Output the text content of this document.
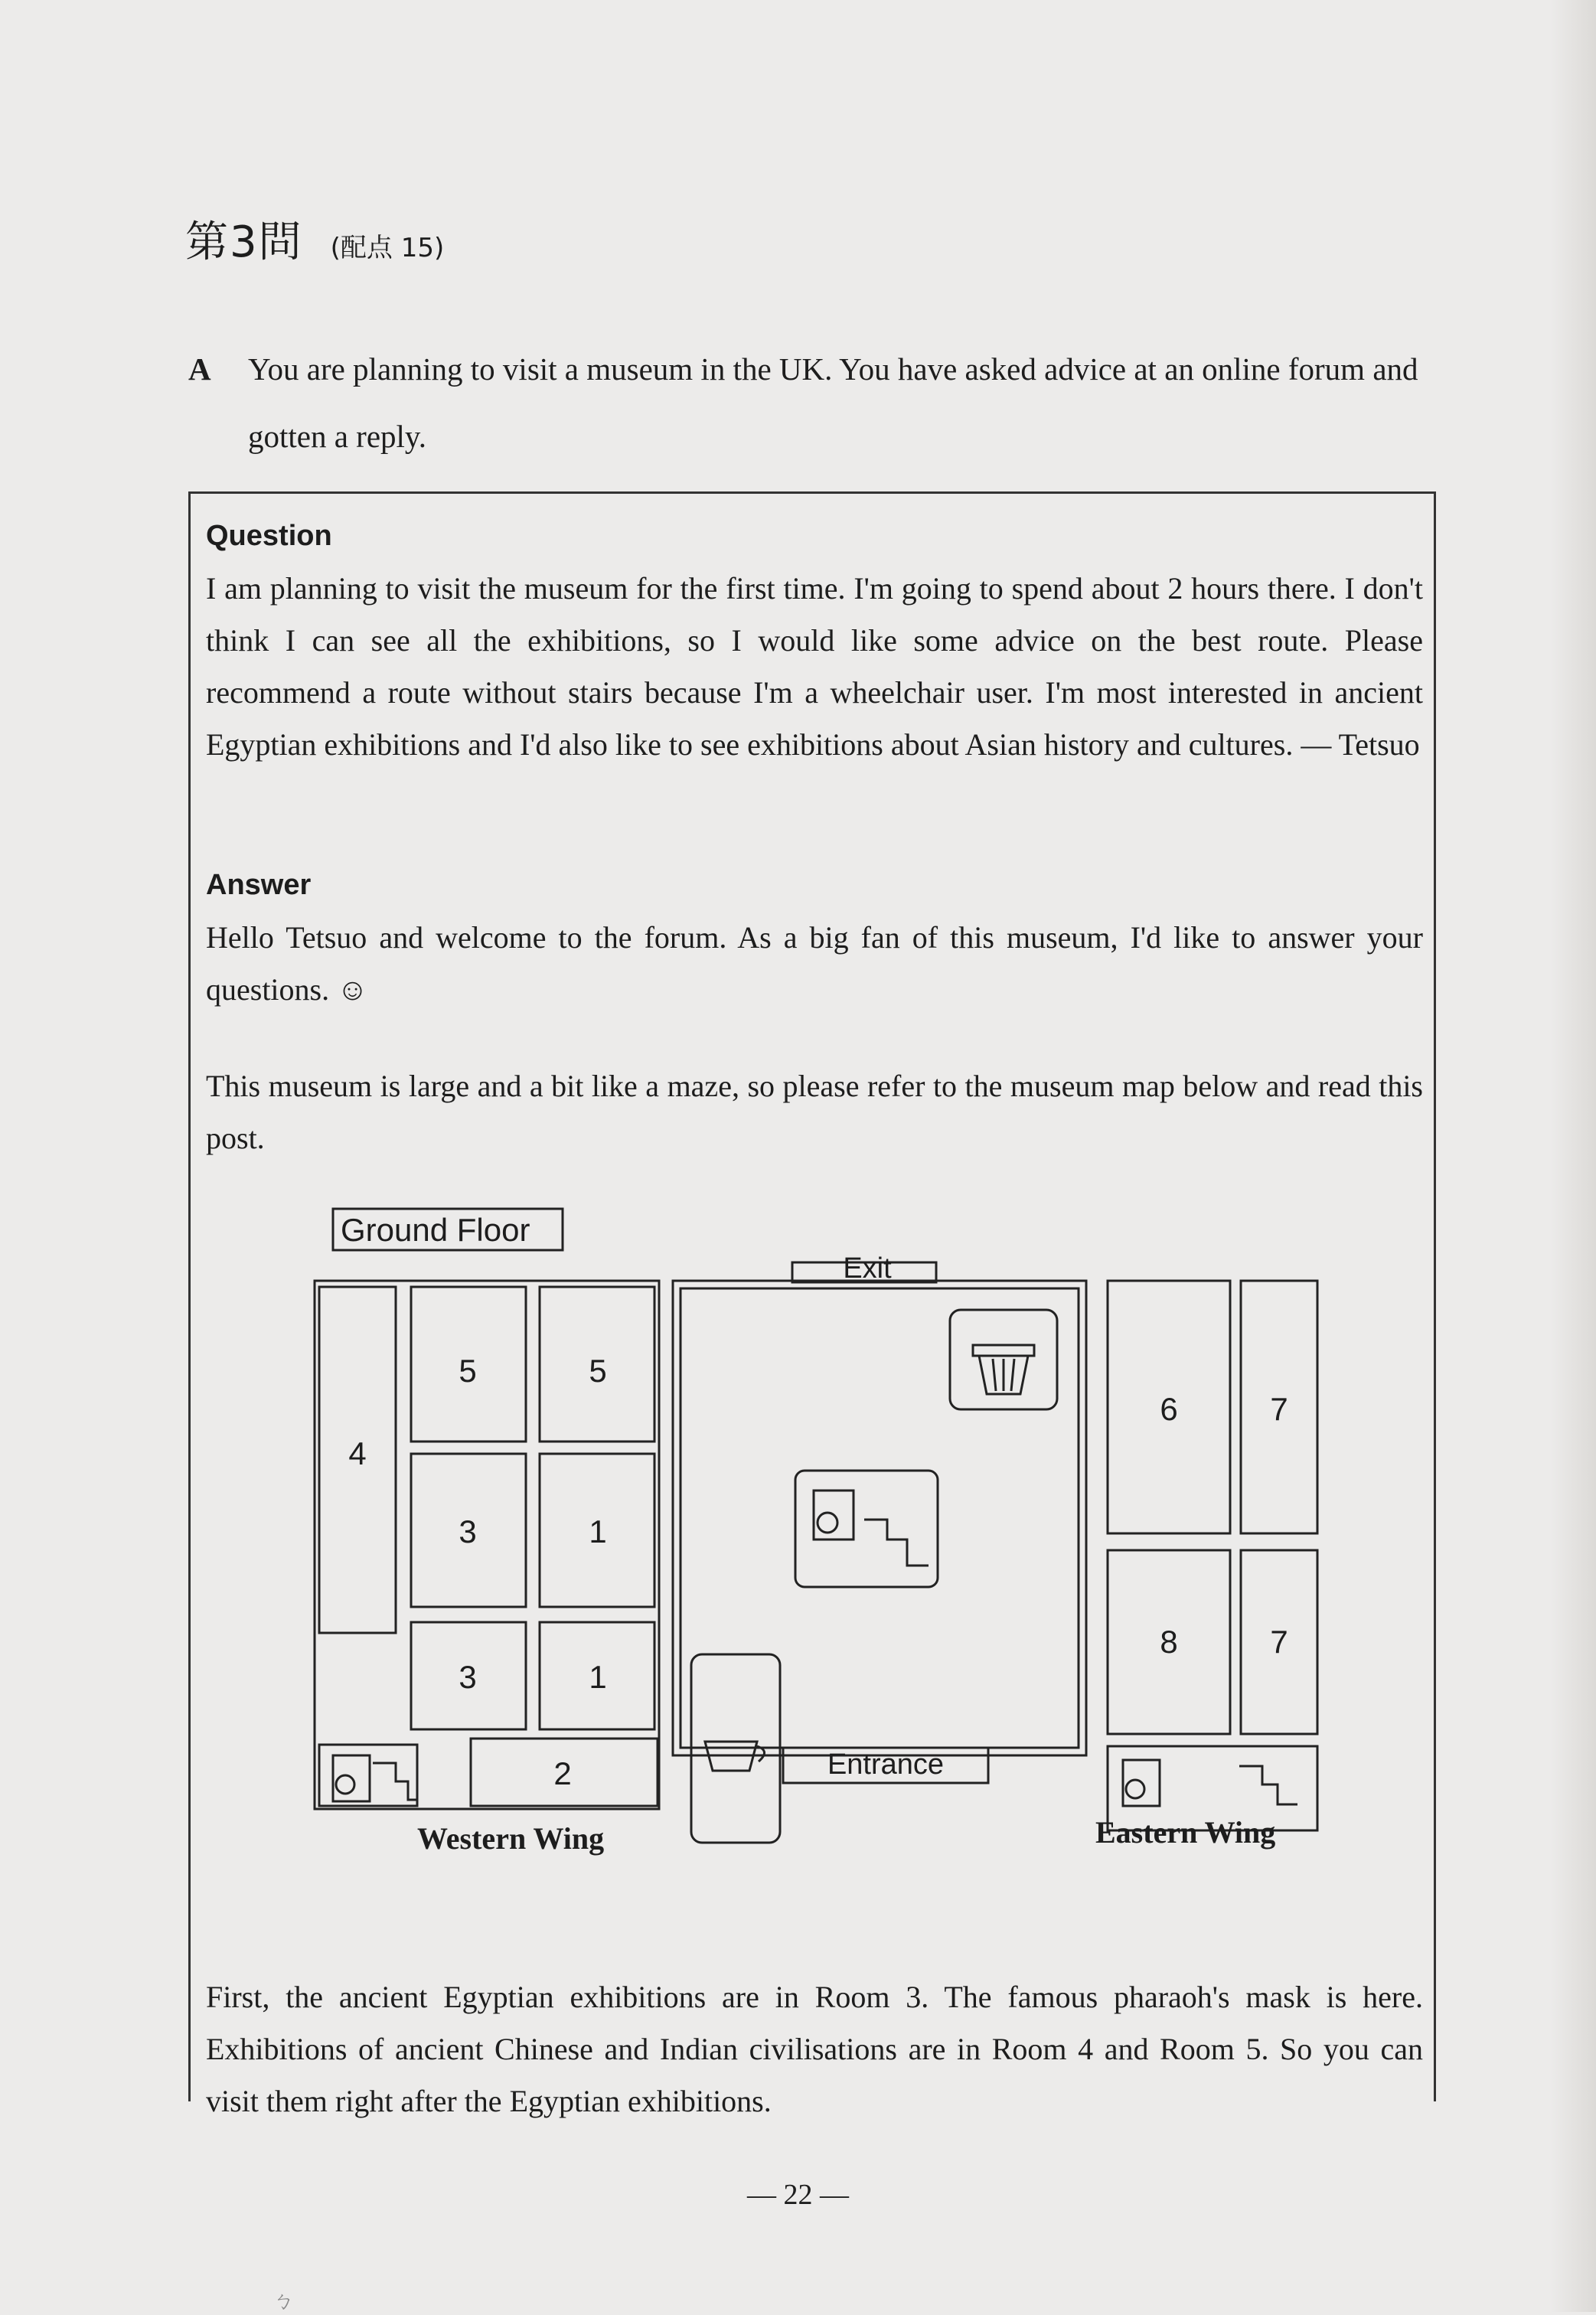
第3問 (配点 15)
A You are planning to visit a museum in the UK. You have asked advice at an online forum and gotten a reply.
Question
I am planning to visit the museum for the first time. I'm going to spend about 2 hours there. I don't think I can see all the exhibitions, so I would like some advice on the best route. Please recommend a route without stairs because I'm a wheelchair user. I'm most interested in ancient Egyptian exhibitions and I'd also like to see exhibitions about Asian history and cultures. — Tetsuo
Answer
Hello Tetsuo and welcome to the forum. As a big fan of this museum, I'd like to answer your questions. ☺
This museum is large and a bit like a maze, so please refer to the museum map below and read this post.
Ground Floor
Exit
Entrance
4
5	5
3	1
3	1
2
6	7
8	7
Western Wing	Eastern Wing
First, the ancient Egyptian exhibitions are in Room 3. The famous pharaoh's mask is here. Exhibitions of ancient Chinese and Indian civilisations are in Room 4 and Room 5. So you can visit them right after the Egyptian exhibitions.
— 22 —
ㄅ
